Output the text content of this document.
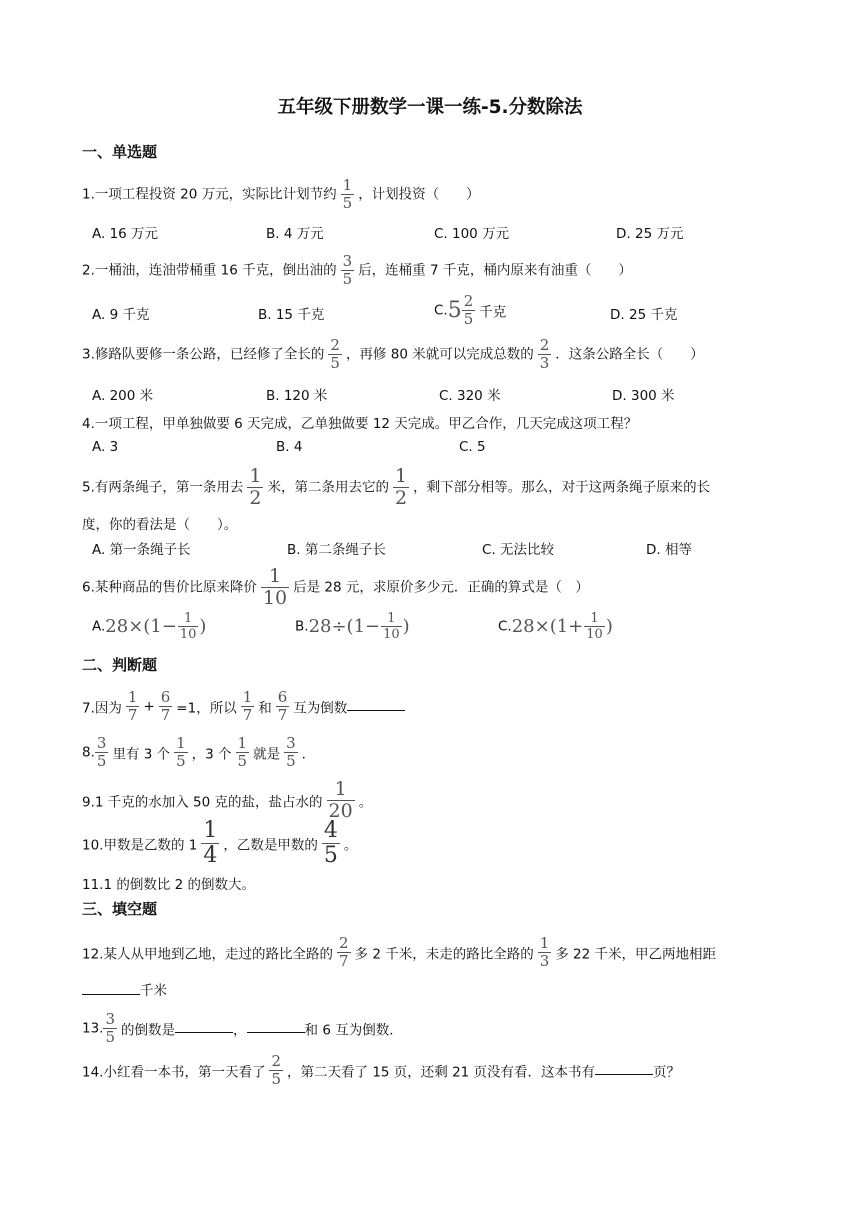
五年级下册数学一课一练-5.分数除法
一、单选题
1.一项工程投资 20 万元，实际比计划节约 $\frac{1}{5}$ ，计划投资（　　）
A. 16 万元	B. 4 万元	C. 100 万元	D. 25 万元
2.一桶油，连油带桶重 16 千克，倒出油的 $\frac{3}{5}$ 后，连桶重 7 千克，桶内原来有油重（　　）
A. 9 千克	B. 15 千克	$C.5 \frac{2}{5}$ 千克	D. 25 千克
3.修路队要修一条公路，已经修了全长的 $\frac{2}{5}$ ，再修 80 米就可以完成总数的 $\frac{2}{3}$ ．这条公路全长（　　）
A. 200 米	B. 120 米	C. 320 米	D. 300 米
4.一项工程，甲单独做要 6 天完成，乙单独做要 12 天完成。甲乙合作，几天完成这项工程？
A. 3	B. 4	C. 5
5.有两条绳子，第一条用去 $\frac{1}{2}$ 米，第二条用去它的 $\frac{1}{2}$ ，剩下部分相等。那么，对于这两条绳子原来的长
度，你的看法是（　　）。
A. 第一条绳子长	B. 第二条绳子长	C. 无法比较	D. 相等
6.某种商品的售价比原来降价 $\frac{1}{10}$ 后是 28 元，求原价多少元．正确的算式是（　）
$A.28\times(1- \frac{1}{10}$ )	$B.28\div(1- \frac{1}{10}$ )	$C.28\times(1+ \frac{1}{10}$ )
二、判断题
7.因为 $\frac{1}{7} + \frac{6}{7} =1$，所以 $\frac{1}{7}$ 和 $\frac{6}{7}$ 互为倒数
8. $\frac{3}{5}$ 里有 3 个 $\frac{1}{5}$ ，3 个 $\frac{1}{5}$ 就是 $\frac{3}{5}$ ．
9.1 千克的水加入 50 克的盐，盐占水的 $\frac{1}{20}$ 。
10.甲数是乙数的 $1 \frac{1}{4}$ ，乙数是甲数的 $\frac{4}{5}$ 。
11.1 的倒数比 2 的倒数大。
三、填空题
12.某人从甲地到乙地，走过的路比全路的 $\frac{2}{7}$ 多 2 千米，未走的路比全路的 $\frac{1}{3}$ 多 22 千米，甲乙两地相距
千米
13. $\frac{3}{5}$ 的倒数是	，	和 6 互为倒数．
14.小红看一本书，第一天看了 $\frac{2}{5}$ ，第二天看了 15 页，还剩 21 页没有看．这本书有	页？
